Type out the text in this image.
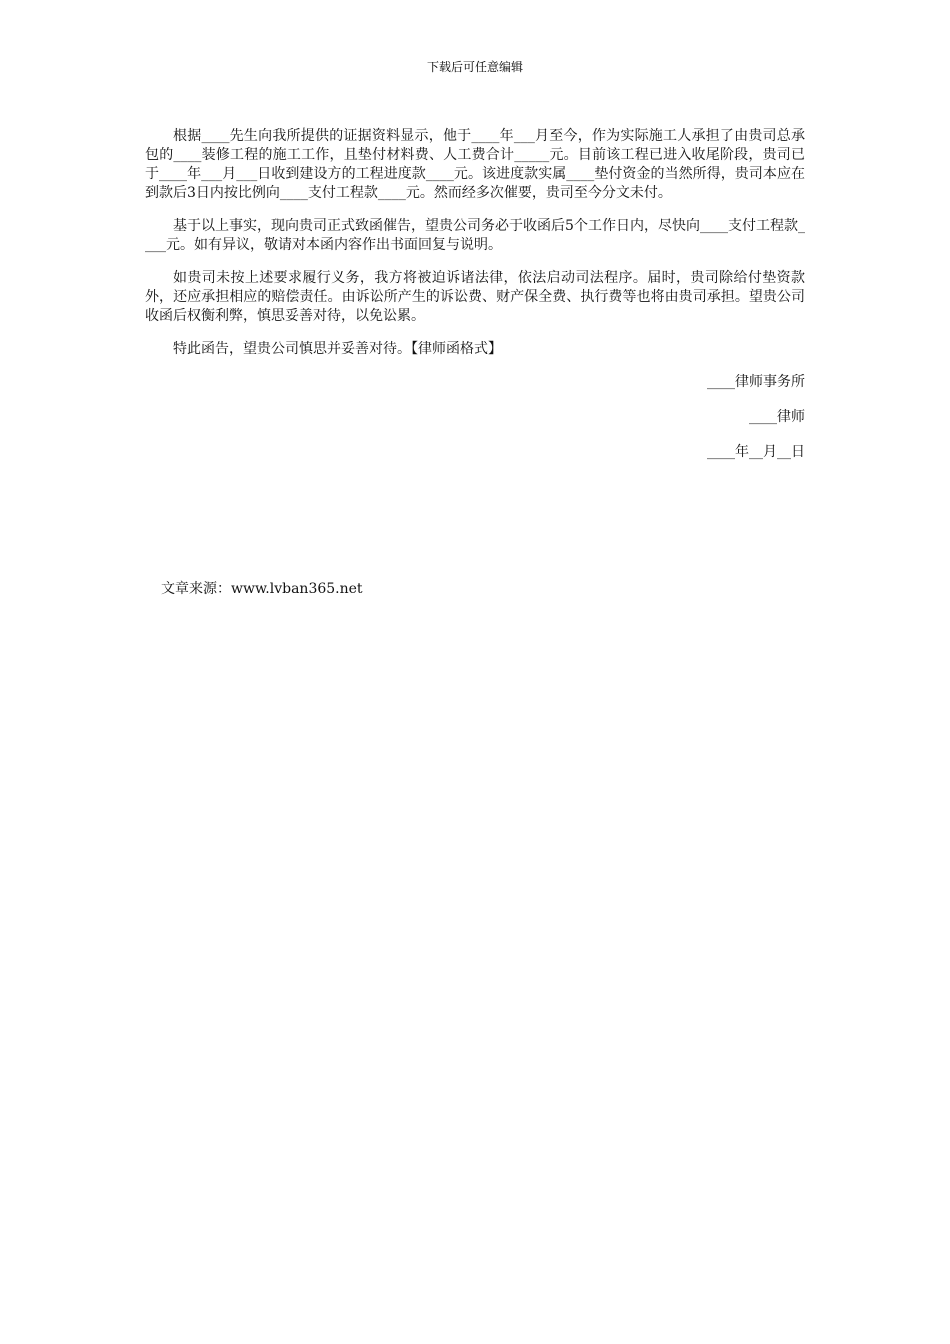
下载后可任意编辑

根据____先生向我所提供的证据资料显示，他于____年___月至今，作为实际施工人承担了由贵司总承包的____装修工程的施工工作，且垫付材料费、人工费合计_____元。目前该工程已进入收尾阶段，贵司已于____年___月___日收到建设方的工程进度款____元。该进度款实属____垫付资金的当然所得，贵司本应在到款后3日内按比例向____支付工程款____元。然而经多次催要，贵司至今分文未付。

基于以上事实，现向贵司正式致函催告，望贵公司务必于收函后5个工作日内，尽快向____支付工程款____元。如有异议，敬请对本函内容作出书面回复与说明。

如贵司未按上述要求履行义务，我方将被迫诉诸法律，依法启动司法程序。届时，贵司除给付垫资款外，还应承担相应的赔偿责任。由诉讼所产生的诉讼费、财产保全费、执行费等也将由贵司承担。望贵公司收函后权衡利弊，慎思妥善对待，以免讼累。

特此函告，望贵公司慎思并妥善对待。【律师函格式】

____律师事务所

____律师

____年__月__日

文章来源：www.lvban365.net
